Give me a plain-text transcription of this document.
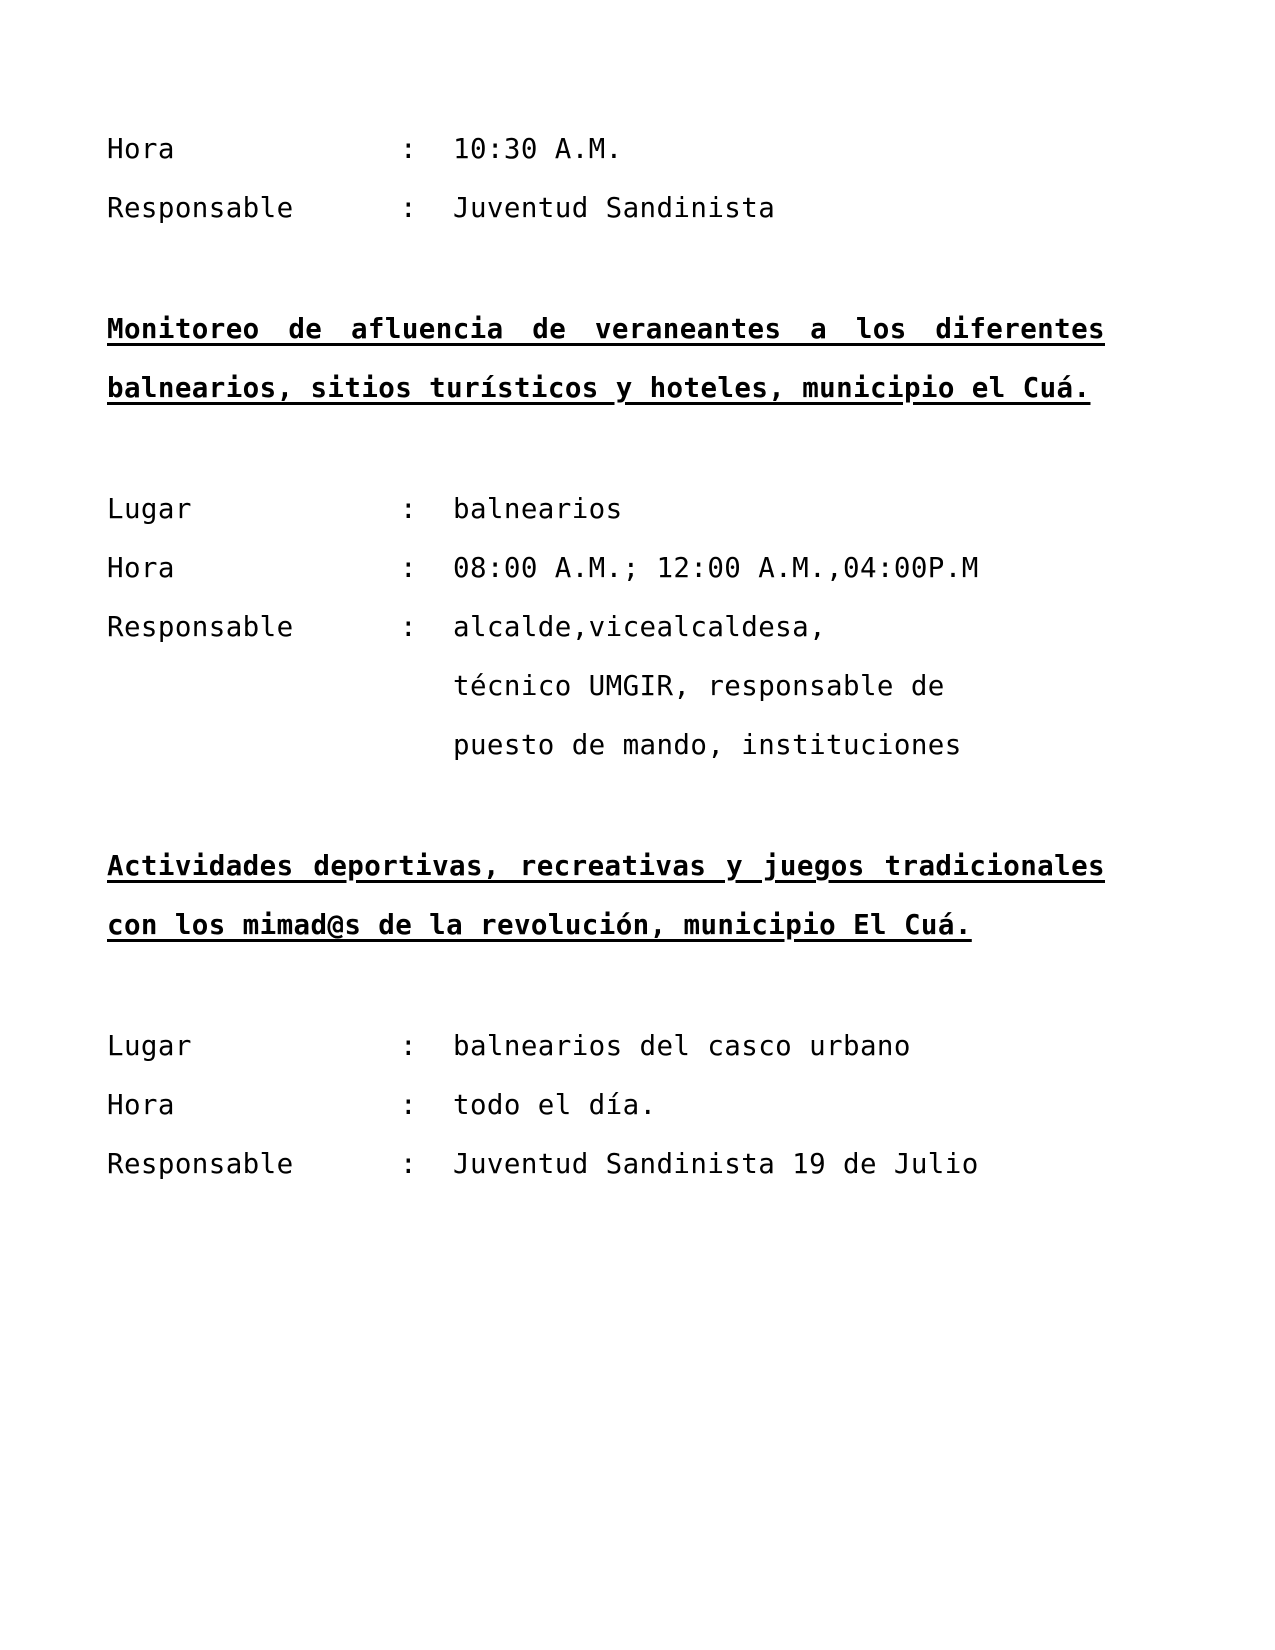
Hora	:	10:30 A.M.
Responsable	:	Juventud Sandinista
Monitoreo de afluencia de veraneantes a los diferentes balnearios, sitios turísticos y hoteles, municipio el Cuá.
Lugar	:	balnearios
Hora	:	08:00 A.M.; 12:00 A.M.,04:00P.M
Responsable	:	alcalde,vicealcaldesa,
técnico UMGIR, responsable de
puesto de mando, instituciones
Actividades deportivas, recreativas y juegos tradicionales con los mimad@s de la revolución, municipio El Cuá.
Lugar	:	balnearios del casco urbano
Hora	:	todo el día.
Responsable	:	Juventud Sandinista 19 de Julio
